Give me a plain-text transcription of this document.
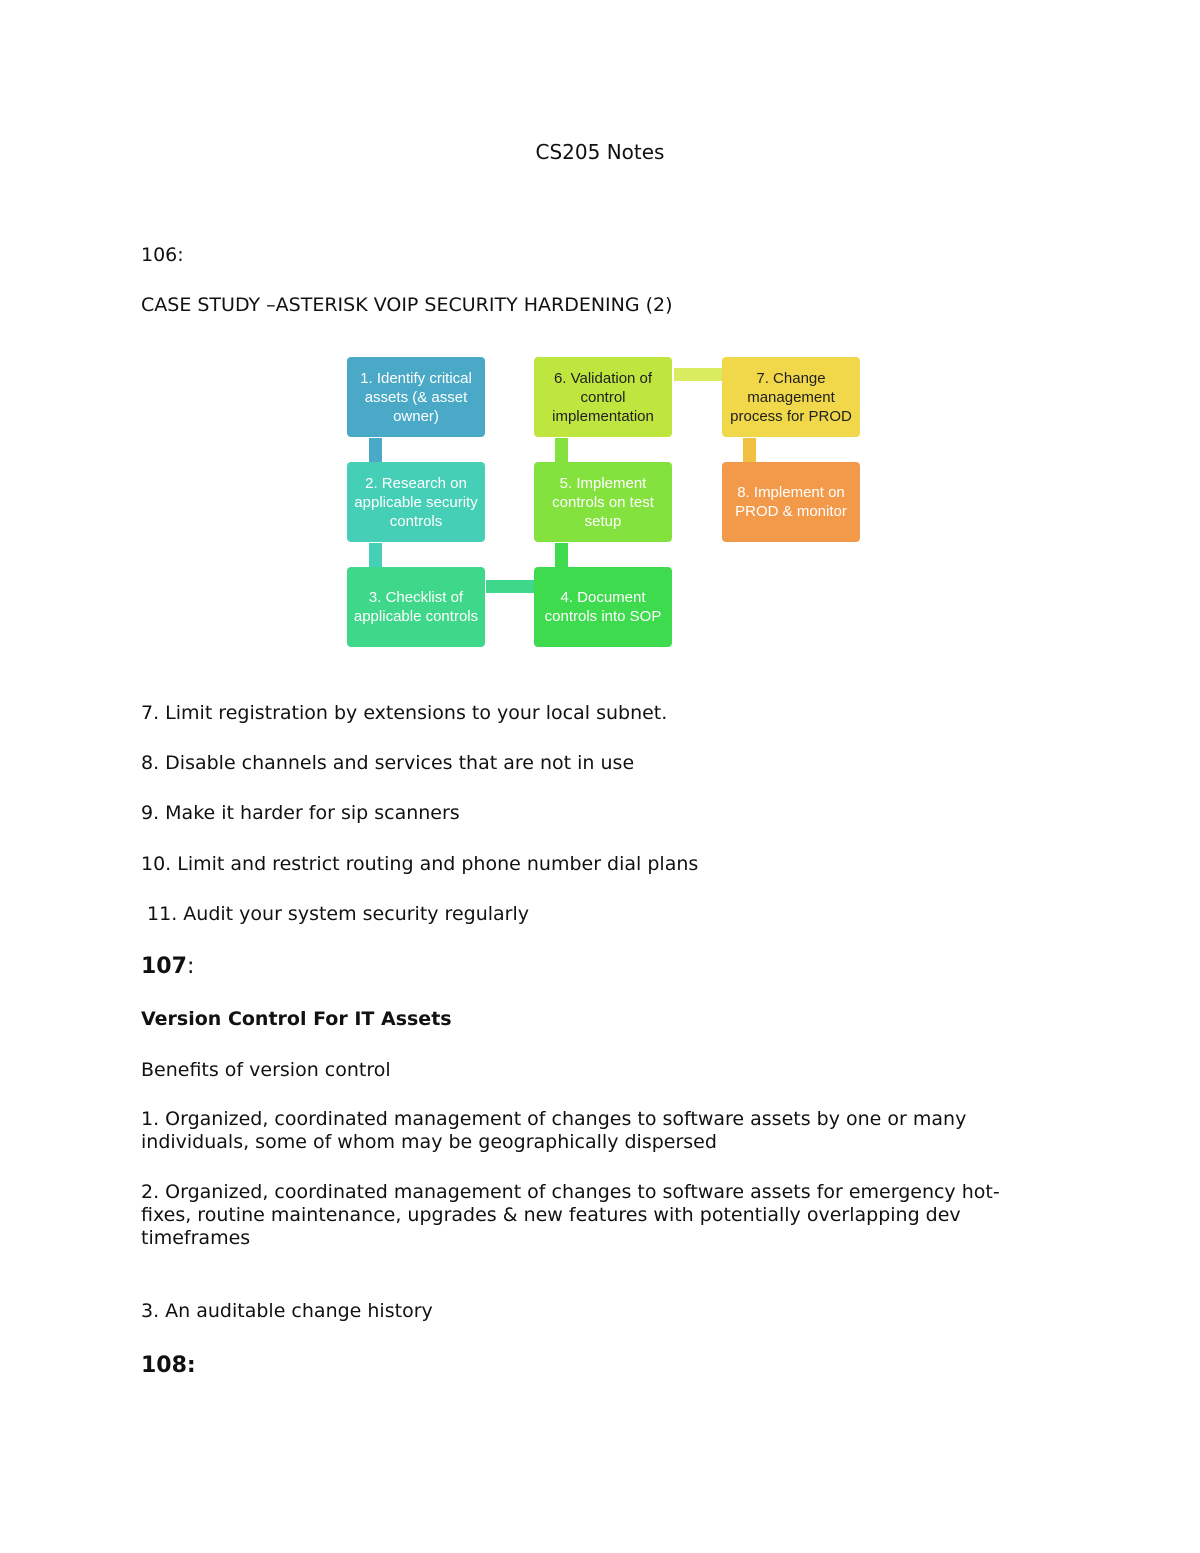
CS205 Notes
106:
CASE STUDY –ASTERISK VOIP SECURITY HARDENING (2)
1. Identify critical assets (& asset owner)
2. Research on applicable security controls
3. Checklist of applicable controls
4. Document controls into SOP
5. Implement controls on test setup
6. Validation of control implementation
7. Change management process for PROD
8. Implement on PROD & monitor
7. Limit registration by extensions to your local subnet.
8. Disable channels and services that are not in use
9. Make it harder for sip scanners
10. Limit and restrict routing and phone number dial plans
11. Audit your system security regularly
107:
Version Control For IT Assets
Benefits of version control
1. Organized, coordinated management of changes to software assets by one or many individuals, some of whom may be geographically dispersed
2. Organized, coordinated management of changes to software assets for emergency hot-fixes, routine maintenance, upgrades & new features with potentially overlapping dev timeframes
3. An auditable change history
108:
